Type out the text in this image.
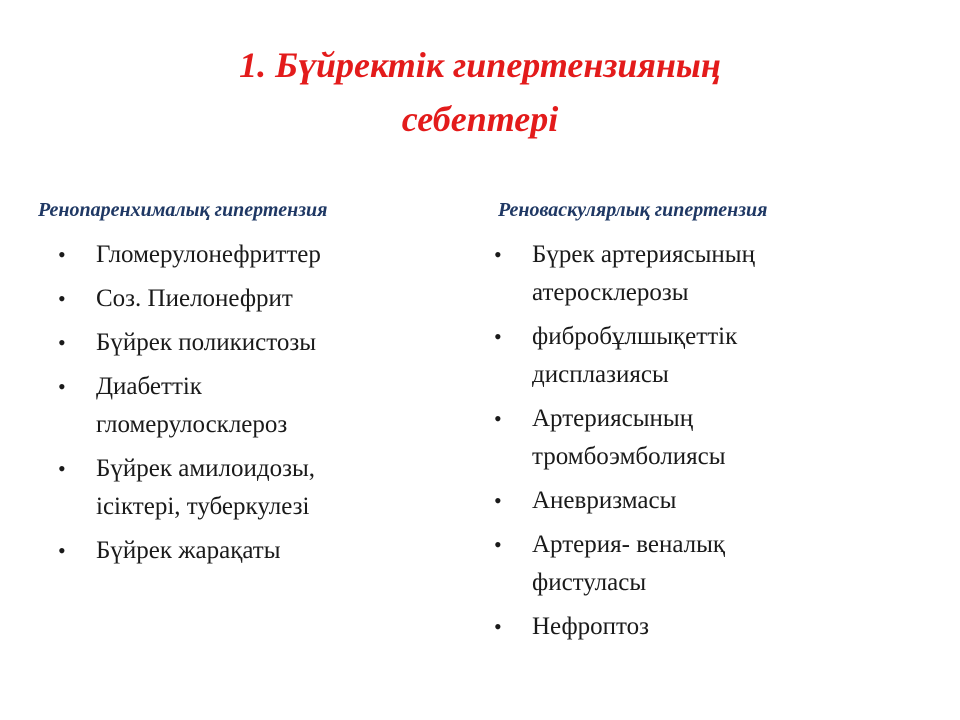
1. Бүйректік гипертензияның
себептері
Ренопаренхималық гипертензия	Реноваскулярлық гипертензия
• Гломерулонефриттер
• Соз. Пиелонефрит
• Бүйрек поликистозы
• Диабеттік
гломерулосклероз
• Бүйрек амилоидозы,
ісіктері, туберкулезі
• Бүйрек жарақаты
• Бүрек артериясының
атеросклерозы
• фибробұлшықеттік
дисплазиясы
• Артериясының
тромбоэмболиясы
• Аневризмасы
• Артерия- веналық
фистуласы
• Нефроптоз
